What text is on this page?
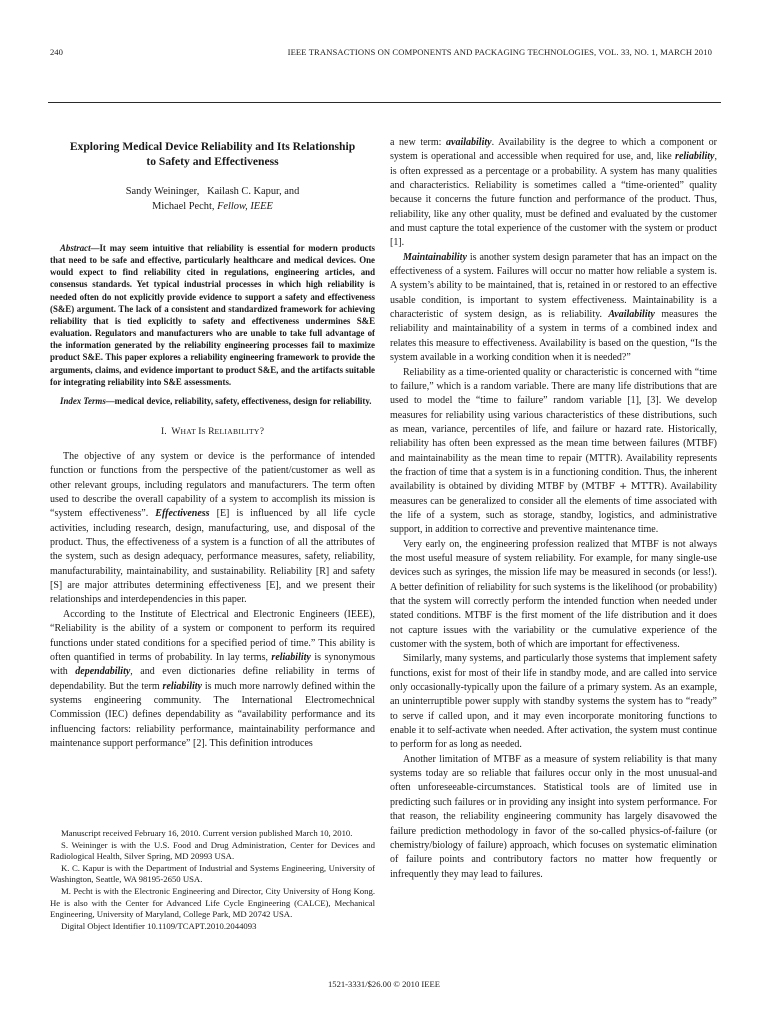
240	IEEE TRANSACTIONS ON COMPONENTS AND PACKAGING TECHNOLOGIES, VOL. 33, NO. 1, MARCH 2010
Exploring Medical Device Reliability and Its Relationship
to Safety and Effectiveness
Sandy Weininger,   Kailash C. Kapur, and
Michael Pecht, Fellow, IEEE
Abstract—It may seem intuitive that reliability is essential for modern products that need to be safe and effective, particularly healthcare and medical devices. One would expect to find reliability cited in regulations, engineering articles, and consensus standards. Yet typical industrial processes in which high reliability is needed often do not explicitly provide evidence to support a safety and effectiveness (S&E) argument. The lack of a consistent and standardized framework for achieving reliability that is tied explicitly to safety and effectiveness undermines S&E evaluation. Regulators and manufacturers who are unable to take full advantage of the information generated by the reliability engineering processes fail to maximize product S&E. This paper explores a reliability engineering framework to provide the arguments, claims, and evidence important to product S&E, and the artifacts suitable for integrating reliability into S&E assessments.
Index Terms—medical device, reliability, safety, effectiveness, design for reliability.
I. WHAT IS RELIABILITY?

The objective of any system or device is the performance of intended function or functions from the perspective of the patient/customer as well as other relevant groups, including regulators and manufacturers. The term often used to describe the overall capability of a system to accomplish its mission is “system effectiveness”. Effectiveness [E] is influenced by all life cycle activities, including research, design, manufacturing, use, and disposal of the product. Thus, the effectiveness of a system is a function of all the attributes of the system, such as design adequacy, performance measures, safety, reliability, manufacturability, maintainability, and sustainability. Reliability [R] and safety [S] are major attributes determining effectiveness [E], and we present their relationships and interdependencies in this paper.

According to the Institute of Electrical and Electronic Engineers (IEEE), “Reliability is the ability of a system or component to perform its required functions under stated conditions for a specified period of time.” This ability is often quantified in terms of probability. In lay terms, reliability is synonymous with dependability, and even dictionaries define reliability in terms of dependability. But the term reliability is much more narrowly defined within the systems engineering community. The International Electromechnical Commission (IEC) defines dependability as “availability performance and its influencing factors: reliability performance, maintainability performance and maintenance support performance” [2]. This definition introduces

Manuscript received February 16, 2010. Current version published March 10, 2010.

S. Weininger is with the U.S. Food and Drug Administration, Center for Devices and Radiological Health, Silver Spring, MD 20993 USA.

K. C. Kapur is with the Department of Industrial and Systems Engineering, University of Washington, Seattle, WA 98195-2650 USA.

M. Pecht is with the Electronic Engineering and Director, City University of Hong Kong. He is also with the Center for Advanced Life Cycle Engineering (CALCE), Mechanical Engineering, University of Maryland, College Park, MD 20742 USA.

Digital Object Identifier 10.1109/TCAPT.2010.2044093

a new term: availability. Availability is the degree to which a component or system is operational and accessible when required for use, and, like reliability, is often expressed as a percentage or a probability. A system has many qualities and characteristics. Reliability is sometimes called a “time-oriented” quality because it concerns the future function and performance of the product. Thus, reliability, like any other quality, must be defined and evaluated by the customer and must capture the total experience of the customer with the system or product [1].

Maintainability is another system design parameter that has an impact on the effectiveness of a system. Failures will occur no matter how reliable a system is. A system’s ability to be maintained, that is, retained in or restored to an effective usable condition, is important to system effectiveness. Maintainability is a characteristic of system design, as is reliability. Availability measures the reliability and maintainability of a system in terms of a combined index and relates this measure to effectiveness. Availability is based on the question, “Is the system available in a working condition when it is needed?”

Reliability as a time-oriented quality or characteristic is concerned with “time to failure,” which is a random variable. There are many life distributions that are used to model the “time to failure” random variable [1], [3]. We develop measures for reliability using various characteristics of these distributions, such as mean, variance, percentiles of life, and failure or hazard rate. Historically, reliability has often been expressed as the mean time between failures (MTBF) and maintainability as the mean time to repair (MTTR). Availability represents the fraction of time that a system is in a functioning condition. Thus, the inherent availability is obtained by dividing MTBF by (MTBF + MTTR). Availability measures can be generalized to consider all the elements of time associated with the life of a system, such as storage, standby, logistics, and administrative support, in addition to corrective and preventive maintenance time.

Very early on, the engineering profession realized that MTBF is not always the most useful measure of system reliability. For example, for many single-use devices such as syringes, the mission life may be measured in seconds (or less!). A better definition of reliability for such systems is the likelihood (or probability) that the system will correctly perform the intended function when needed under stated conditions. MTBF is the first moment of the life distribution and it does not capture issues with the variability or the cumulative experience of the customer with the system, both of which are important for effectiveness.

Similarly, many systems, and particularly those systems that implement safety functions, exist for most of their life in standby mode, and are called into service only occasionally-typically upon the failure of a primary system. As an example, an uninterruptible power supply with standby systems the system has to “ready” to serve if called upon, and it may even incorporate monitoring functions to enable it to self-activate when needed. After activation, the system must continue to perform for as long as needed.

Another limitation of MTBF as a measure of system reliability is that many systems today are so reliable that failures occur only in the most unusual-and often unforeseeable-circumstances. Statistical tools are of limited use in predicting such failures or in providing any insight into system performance. For that reason, the reliability engineering community has largely disavowed the failure prediction methodology in favor of the so-called physics-of-failure (or chemistry/biology of failure) approach, which focuses on systematic elimination of failure points and contributory factors no matter how frequently or infrequently they may lead to failures.

1521-3331/$26.00 © 2010 IEEE
